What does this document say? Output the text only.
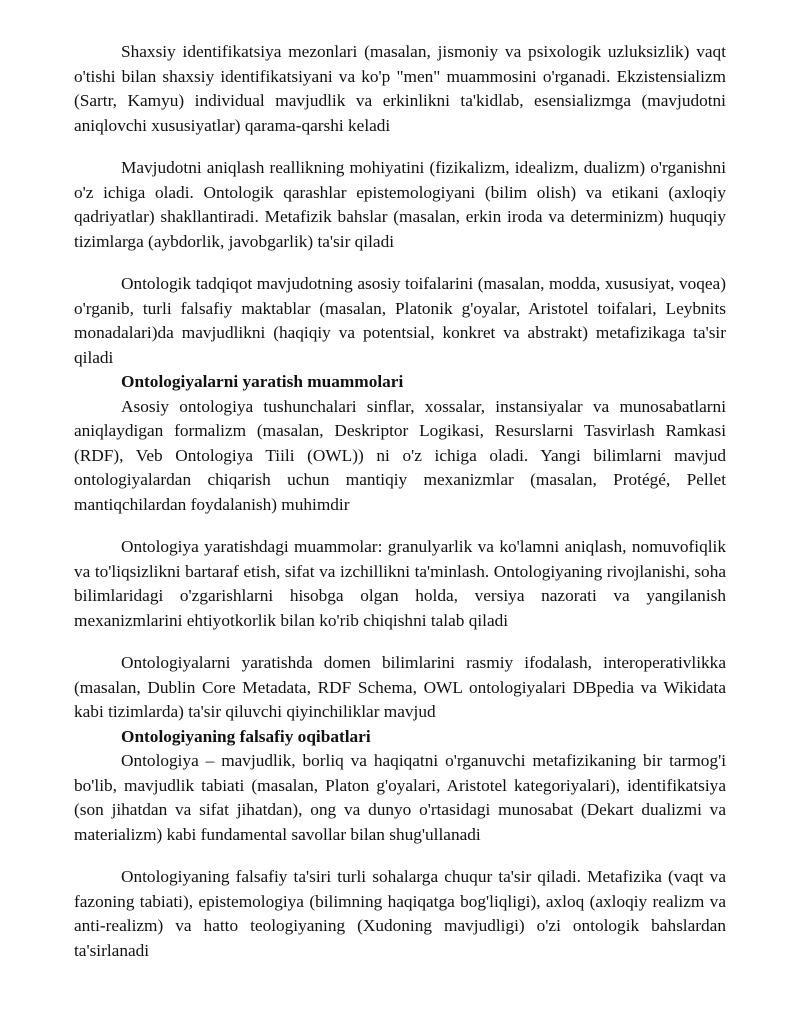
Shaxsiy identifikatsiya mezonlari (masalan, jismoniy va psixologik uzluksizlik) vaqt o'tishi bilan shaxsiy identifikatsiyani va ko'p "men" muammosini o'rganadi. Ekzistensializm (Sartr, Kamyu) individual mavjudlik va erkinlikni ta'kidlab, esensializmga (mavjudotni aniqlovchi xususiyatlar) qarama-qarshi keladi

Mavjudotni aniqlash reallikning mohiyatini (fizikalizm, idealizm, dualizm) o'rganishni o'z ichiga oladi. Ontologik qarashlar epistemologiyani (bilim olish) va etikani (axloqiy qadriyatlar) shakllantiradi. Metafizik bahslar (masalan, erkin iroda va determinizm) huquqiy tizimlarga (aybdorlik, javobgarlik) ta'sir qiladi

Ontologik tadqiqot mavjudotning asosiy toifalarini (masalan, modda, xususiyat, voqea) o'rganib, turli falsafiy maktablar (masalan, Platonik g'oyalar, Aristotel toifalari, Leybnits monadalari)da mavjudlikni (haqiqiy va potentsial, konkret va abstrakt) metafizikaga ta'sir qiladi

Ontologiyalarni yaratish muammolari

Asosiy ontologiya tushunchalari sinflar, xossalar, instansiyalar va munosabatlarni aniqlaydigan formalizm (masalan, Deskriptor Logikasi, Resurslarni Tasvirlash Ramkasi (RDF), Veb Ontologiya Tiili (OWL)) ni o'z ichiga oladi. Yangi bilimlarni mavjud ontologiyalardan chiqarish uchun mantiqiy mexanizmlar (masalan, Protégé, Pellet mantiqchilardan foydalanish) muhimdir

Ontologiya yaratishdagi muammolar: granulyarlik va ko'lamni aniqlash, nomuvofiqlik va to'liqsizlikni bartaraf etish, sifat va izchillikni ta'minlash. Ontologiyaning rivojlanishi, soha bilimlaridagi o'zgarishlarni hisobga olgan holda, versiya nazorati va yangilanish mexanizmlarini ehtiyotkorlik bilan ko'rib chiqishni talab qiladi

Ontologiyalarni yaratishda domen bilimlarini rasmiy ifodalash, interoperativlikka (masalan, Dublin Core Metadata, RDF Schema, OWL ontologiyalari DBpedia va Wikidata kabi tizimlarda) ta'sir qiluvchi qiyinchiliklar mavjud

Ontologiyaning falsafiy oqibatlari

Ontologiya – mavjudlik, borliq va haqiqatni o'rganuvchi metafizikaning bir tarmog'i bo'lib, mavjudlik tabiati (masalan, Platon g'oyalari, Aristotel kategoriyalari), identifikatsiya (son jihatdan va sifat jihatdan), ong va dunyo o'rtasidagi munosabat (Dekart dualizmi va materializm) kabi fundamental savollar bilan shug'ullanadi

Ontologiyaning falsafiy ta'siri turli sohalarga chuqur ta'sir qiladi. Metafizika (vaqt va fazoning tabiati), epistemologiya (bilimning haqiqatga bog'liqligi), axloq (axloqiy realizm va anti-realizm) va hatto teologiyaning (Xudoning mavjudligi) o'zi ontologik bahslardan ta'sirlanadi
